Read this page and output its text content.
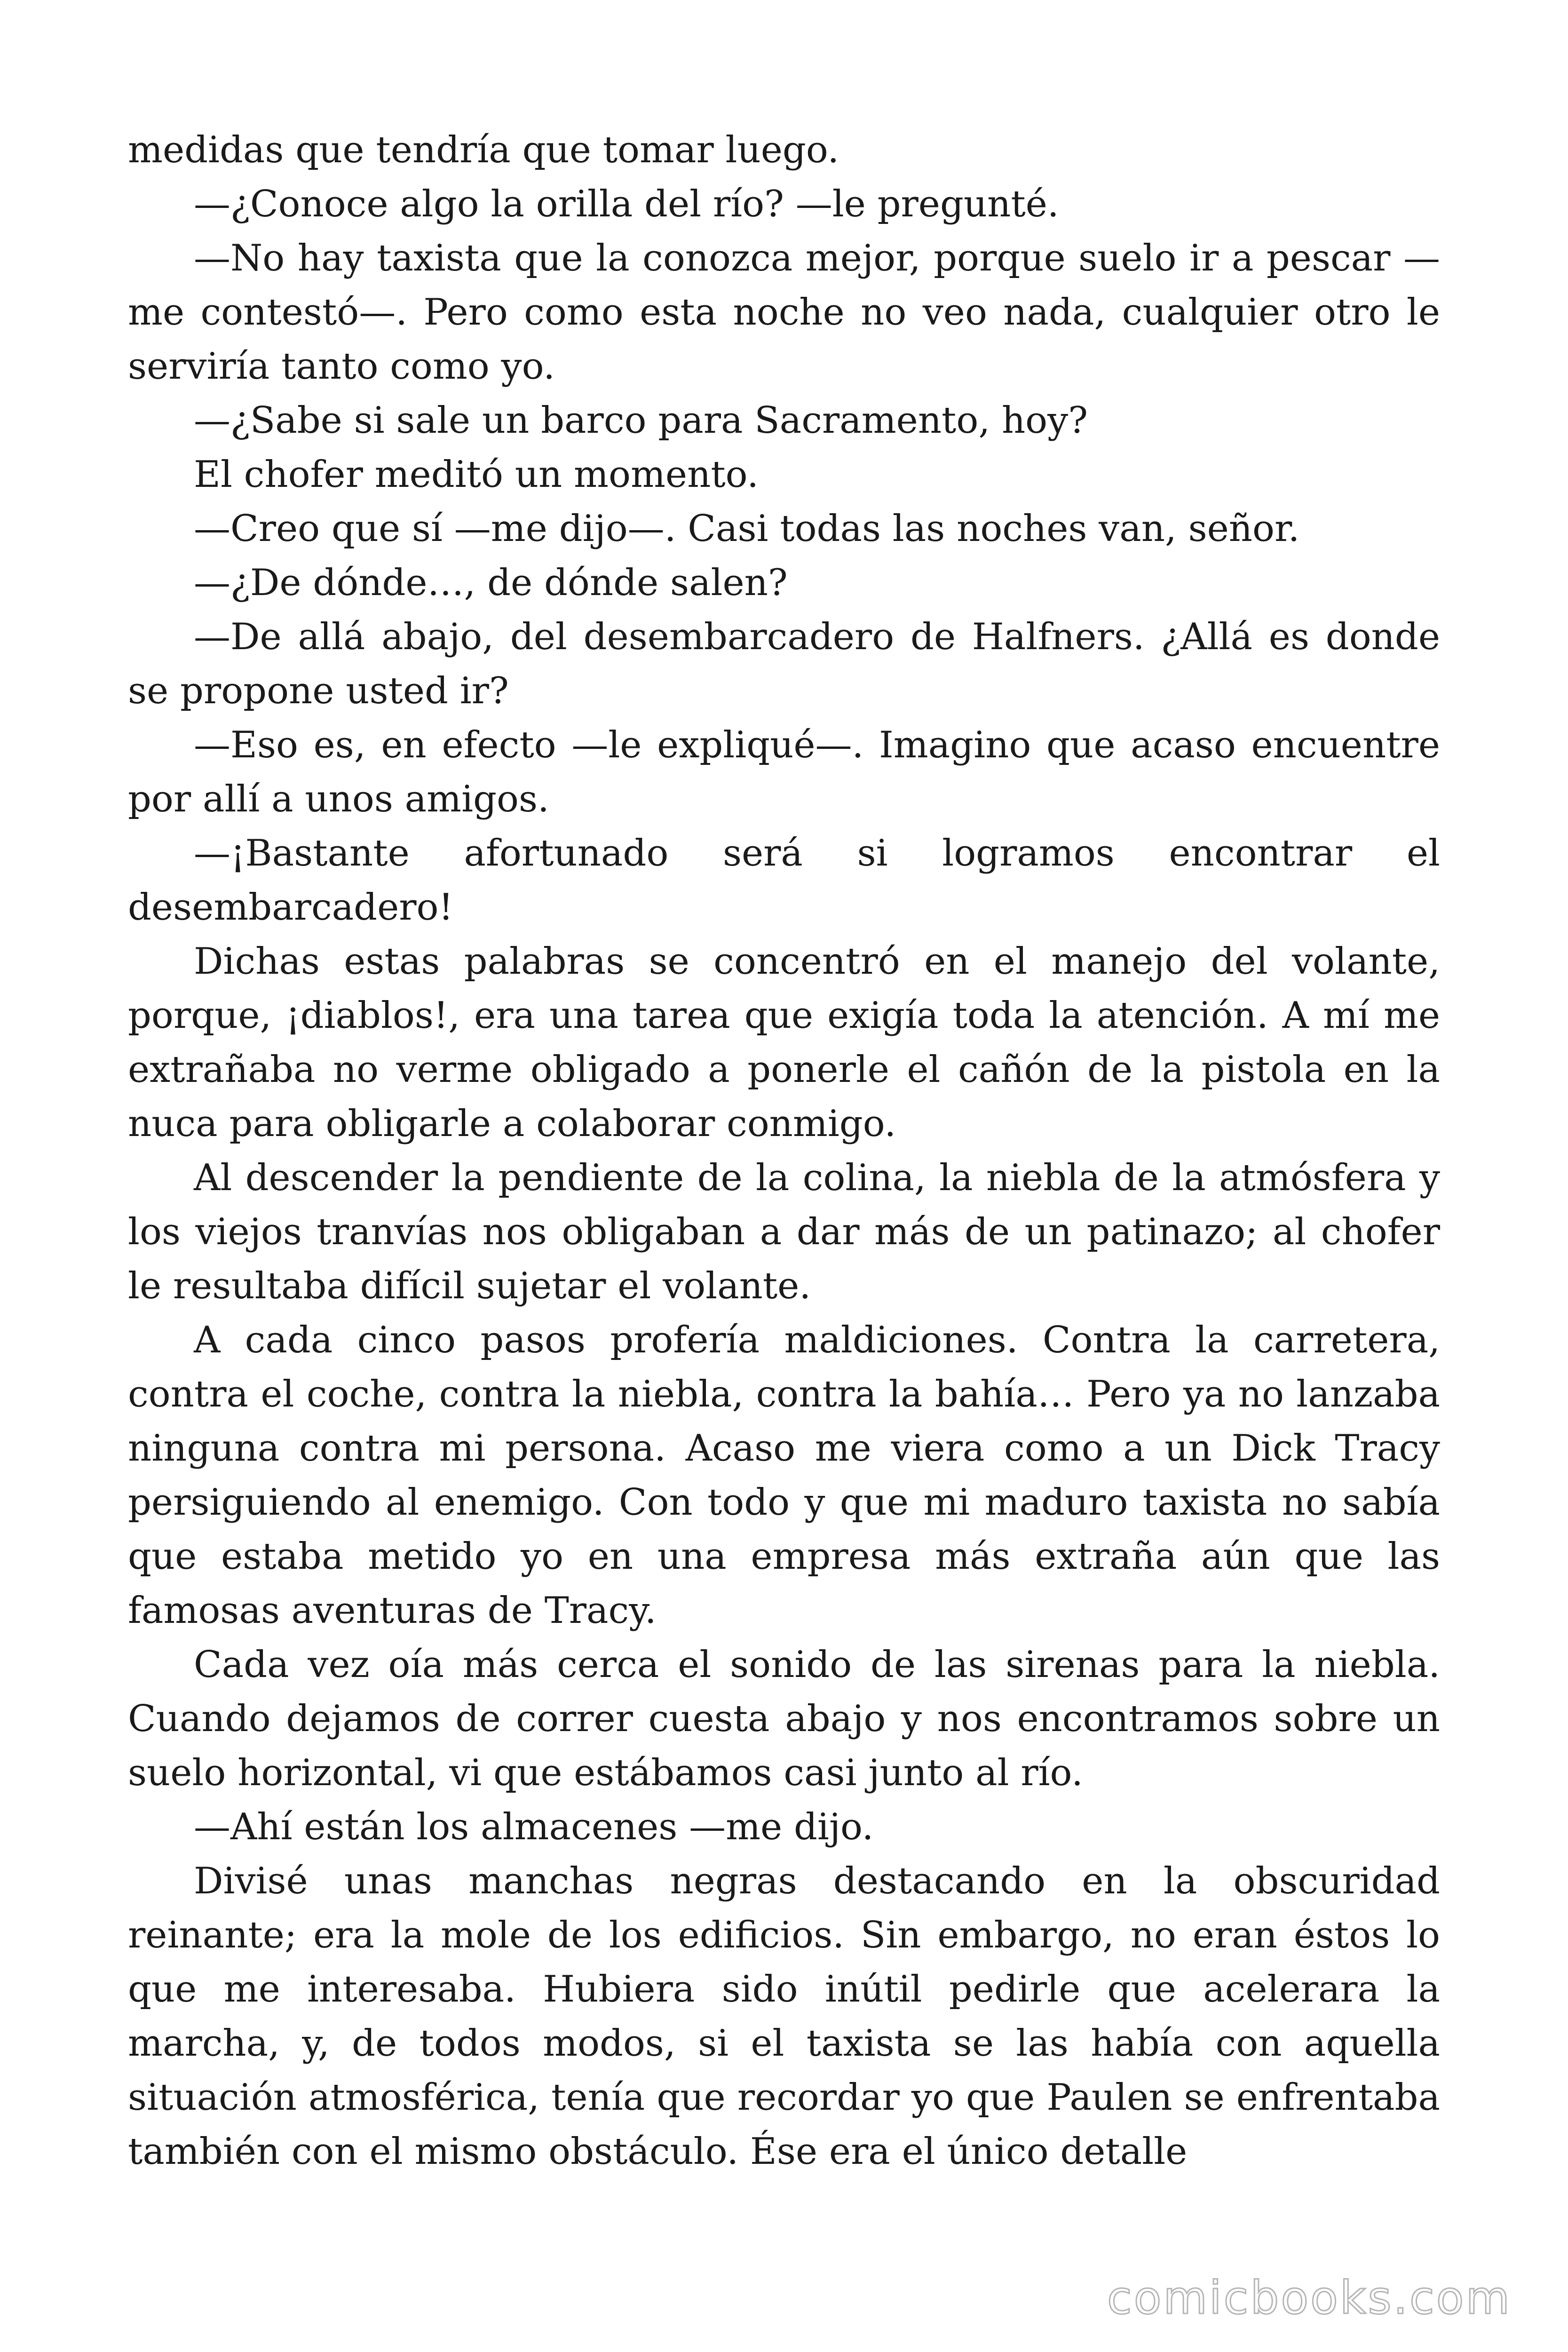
medidas que tendría que tomar luego.

—¿Conoce algo la orilla del río? —le pregunté.

—No hay taxista que la conozca mejor, porque suelo ir a pescar —me contestó—. Pero como esta noche no veo nada, cualquier otro le serviría tanto como yo.

—¿Sabe si sale un barco para Sacramento, hoy?

El chofer meditó un momento.

—Creo que sí —me dijo—. Casi todas las noches van, señor.

—¿De dónde…, de dónde salen?

—De allá abajo, del desembarcadero de Halfners. ¿Allá es donde se propone usted ir?

—Eso es, en efecto —le expliqué—. Imagino que acaso encuentre por allí a unos amigos.

—¡Bastante afortunado será si logramos encontrar el desembarcadero!

Dichas estas palabras se concentró en el manejo del volante, porque, ¡diablos!, era una tarea que exigía toda la atención. A mí me extrañaba no verme obligado a ponerle el cañón de la pistola en la nuca para obligarle a colaborar conmigo.

Al descender la pendiente de la colina, la niebla de la atmósfera y los viejos tranvías nos obligaban a dar más de un patinazo; al chofer le resultaba difícil sujetar el volante.

A cada cinco pasos profería maldiciones. Contra la carretera, contra el coche, contra la niebla, contra la bahía… Pero ya no lanzaba ninguna contra mi persona. Acaso me viera como a un Dick Tracy persiguiendo al enemigo. Con todo y que mi maduro taxista no sabía que estaba metido yo en una empresa más extraña aún que las famosas aventuras de Tracy.

Cada vez oía más cerca el sonido de las sirenas para la niebla. Cuando dejamos de correr cuesta abajo y nos encontramos sobre un suelo horizontal, vi que estábamos casi junto al río.

—Ahí están los almacenes —me dijo.

Divisé unas manchas negras destacando en la obscuridad reinante; era la mole de los edificios. Sin embargo, no eran éstos lo que me interesaba. Hubiera sido inútil pedirle que acelerara la marcha, y, de todos modos, si el taxista se las había con aquella situación atmosférica, tenía que recordar yo que Paulen se enfrentaba también con el mismo obstáculo. Ése era el único detalle

comicbooks.com
